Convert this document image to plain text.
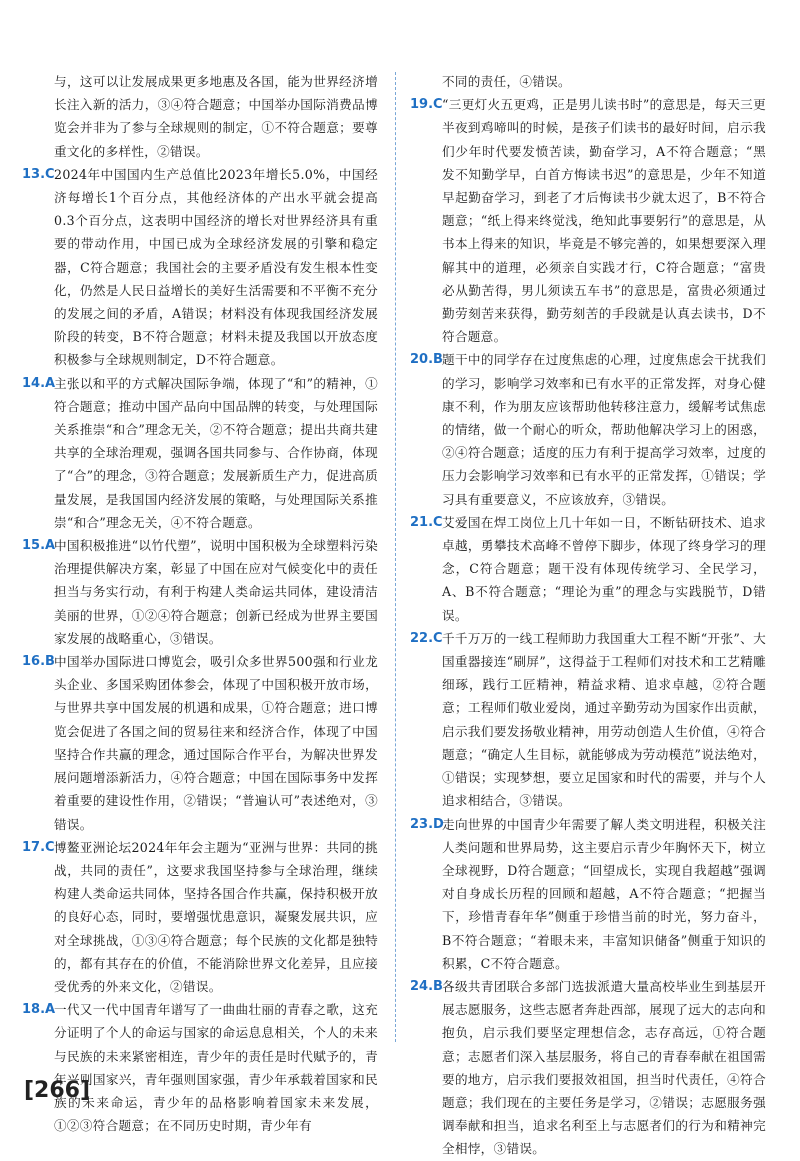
与，这可以让发展成果更多地惠及各国，能为世界经济增长注入新的活力，③④符合题意；中国举办国际消费品博览会并非为了参与全球规则的制定，①不符合题意；要尊重文化的多样性，②错误。

13.C 2024年中国国内生产总值比2023年增长5.0%，中国经济每增长1个百分点，其他经济体的产出水平就会提高0.3个百分点，这表明中国经济的增长对世界经济具有重要的带动作用，中国已成为全球经济发展的引擎和稳定器，C符合题意；我国社会的主要矛盾没有发生根本性变化，仍然是人民日益增长的美好生活需要和不平衡不充分的发展之间的矛盾，A错误；材料没有体现我国经济发展阶段的转变，B不符合题意；材料未提及我国以开放态度积极参与全球规则制定，D不符合题意。

14.A
主张以和平的方式解决国际争端，体现了“和”的精神，①符合题意；推动中国产品向中国品牌的转变，与处理国际关系推崇“和合”理念无关，②不符合题意；提出共商共建共享的全球治理观，强调各国共同参与、合作协商，体现了“合”的理念，③符合题意；发展新质生产力，促进高质量发展，是我国国内经济发展的策略，与处理国际关系推崇“和合”理念无关，④不符合题意。

15.A
中国积极推进“以竹代塑”，说明中国积极为全球塑料污染治理提供解决方案，彰显了中国在应对气候变化中的责任担当与务实行动，有利于构建人类命运共同体，建设清洁美丽的世界，①②④符合题意；创新已经成为世界主要国家发展的战略重心，③错误。

16.B 中国举办国际进口博览会，吸引众多世界500强和行业龙头企业、多国采购团体参会，体现了中国积极开放市场，与世界共享中国发展的机遇和成果，①符合题意；进口博览会促进了各国之间的贸易往来和经济合作，体现了中国坚持合作共赢的理念，通过国际合作平台，为解决世界发展问题增添新活力，④符合题意；中国在国际事务中发挥着重要的建设性作用，②错误；“普遍认可”表述绝对，③错误。

17.C 博鳌亚洲论坛2024年年会主题为“亚洲与世界：共同的挑战，共同的责任”，这要求我国坚持参与全球治理，继续构建人类命运共同体，坚持各国合作共赢，保持积极开放的良好心态，同时，要增强忧患意识，凝聚发展共识，应对全球挑战，①③④符合题意；每个民族的文化都是独特的，都有其存在的价值，不能消除世界文化差异，且应接受优秀的外来文化，②错误。

18.A
一代又一代中国青年谱写了一曲曲壮丽的青春之歌，这充分证明了个人的命运与国家的命运息息相关，个人的未来与民族的未来紧密相连，青少年的责任是时代赋予的，青年兴则国家兴，青年强则国家强，青少年承载着国家和民族的未来命运，青少年的品格影响着国家未来发展，①②③符合题意；在不同历史时期，青少年有

不同的责任，④错误。

19.C “三更灯火五更鸡，正是男儿读书时”的意思是，每天三更半夜到鸡啼叫的时候，是孩子们读书的最好时间，启示我们少年时代要发愤苦读，勤奋学习，A不符合题意；“黑发不知勤学早，白首方悔读书迟”的意思是，少年不知道早起勤奋学习，到老了才后悔读书少就太迟了，B不符合题意；“纸上得来终觉浅，绝知此事要躬行”的意思是，从书本上得来的知识，毕竟是不够完善的，如果想要深入理解其中的道理，必须亲自实践才行，C符合题意；“富贵必从勤苦得，男儿须读五车书”的意思是，富贵必须通过勤劳刻苦来获得，勤劳刻苦的手段就是认真去读书，D不符合题意。

20.B 题干中的同学存在过度焦虑的心理，过度焦虑会干扰我们的学习，影响学习效率和已有水平的正常发挥，对身心健康不利，作为朋友应该帮助他转移注意力，缓解考试焦虑的情绪，做一个耐心的听众，帮助他解决学习上的困惑，②④符合题意；适度的压力有利于提高学习效率，过度的压力会影响学习效率和已有水平的正常发挥，①错误；学习具有重要意义，不应该放弃，③错误。

21.C 艾爱国在焊工岗位上几十年如一日，不断钻研技术、追求卓越，勇攀技术高峰不曾停下脚步，体现了终身学习的理念，C符合题意；题干没有体现传统学习、全民学习，A、B不符合题意；“理论为重”的理念与实践脱节，D错误。

22.C 千千万万的一线工程师助力我国重大工程不断“开张”、大国重器接连“刷屏”，这得益于工程师们对技术和工艺精雕细琢，践行工匠精神，精益求精、追求卓越，②符合题意；工程师们敬业爱岗，通过辛勤劳动为国家作出贡献，启示我们要发扬敬业精神，用劳动创造人生价值，④符合题意；“确定人生目标，就能够成为劳动模范”说法绝对，①错误；实现梦想，要立足国家和时代的需要，并与个人追求相结合，③错误。

23.D
走向世界的中国青少年需要了解人类文明进程，积极关注人类问题和世界局势，这主要启示青少年胸怀天下，树立全球视野，D符合题意；“回望成长，实现自我超越”强调对自身成长历程的回顾和超越，A不符合题意；“把握当下，珍惜青春年华”侧重于珍惜当前的时光，努力奋斗，B不符合题意；“着眼未来，丰富知识储备”侧重于知识的积累，C不符合题意。

24.B 各级共青团联合多部门选拔派遣大量高校毕业生到基层开展志愿服务，这些志愿者奔赴西部，展现了远大的志向和抱负，启示我们要坚定理想信念，志存高远，①符合题意；志愿者们深入基层服务，将自己的青春奉献在祖国需要的地方，启示我们要报效祖国，担当时代责任，④符合题意；我们现在的主要任务是学习，②错误；志愿服务强调奉献和担当，追求名利至上与志愿者们的行为和精神完全相悖，③错误。

[266]
